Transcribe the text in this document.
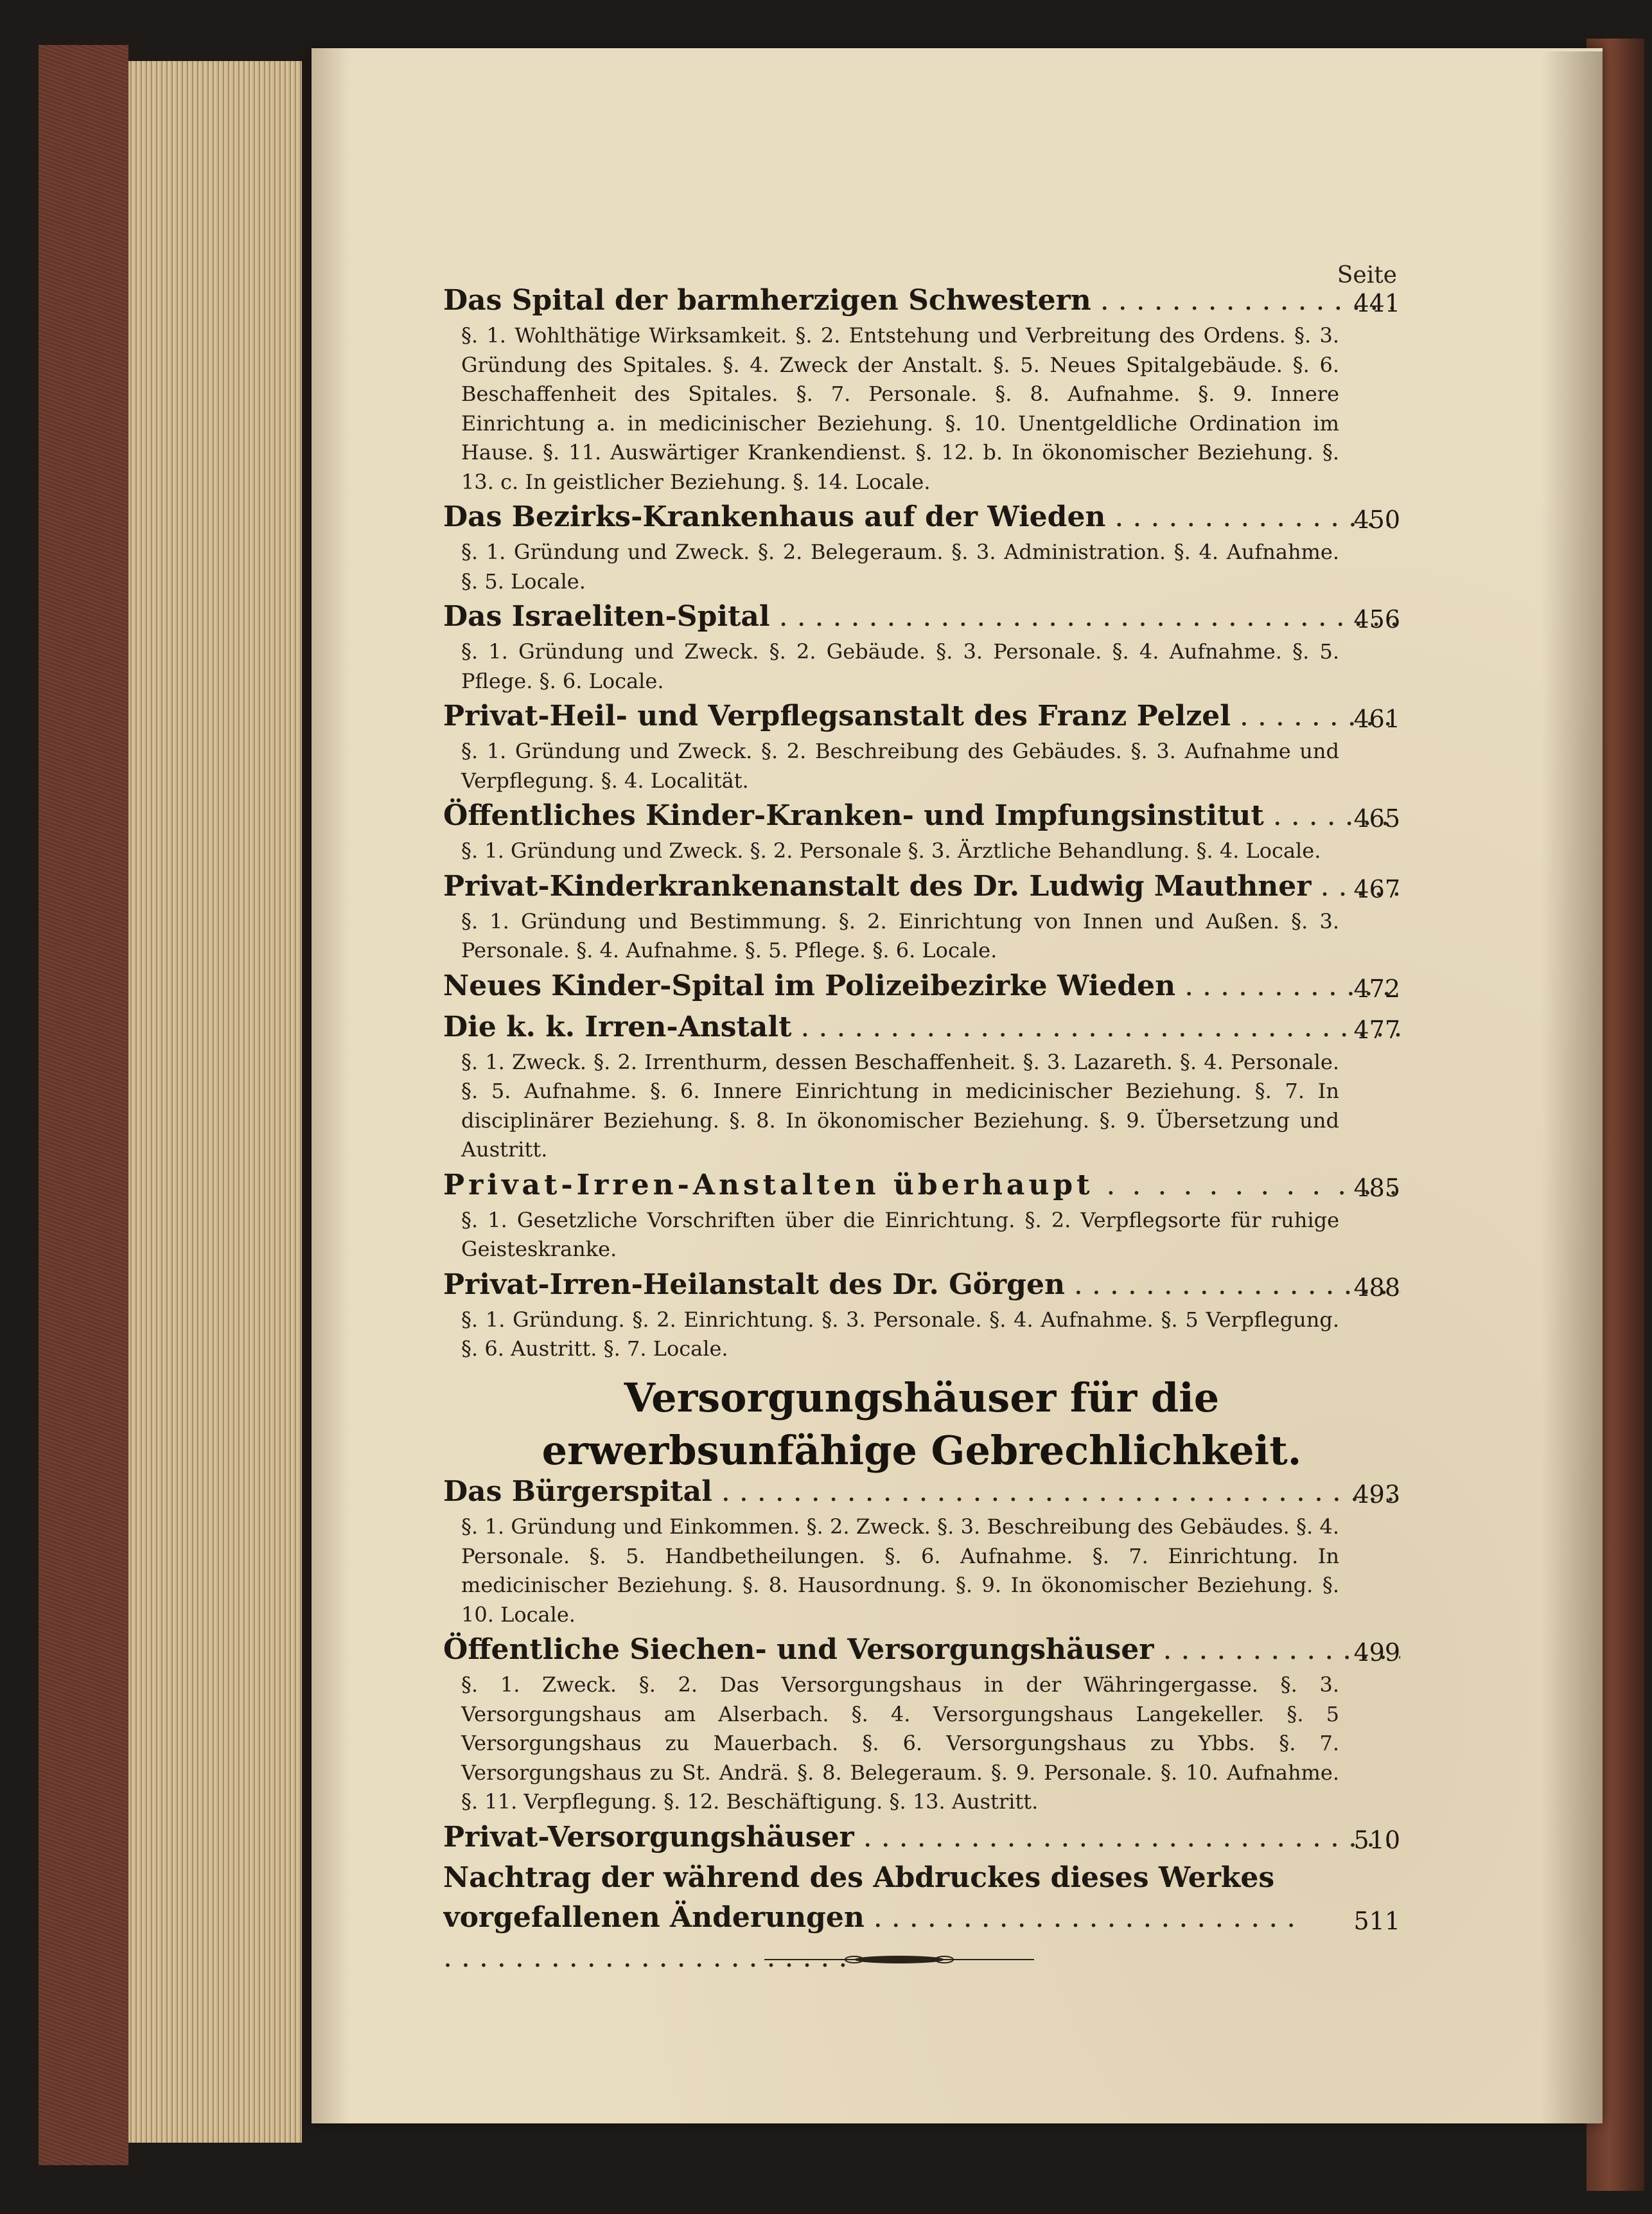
Seite
Das Spital der barmherzigen Schwestern . . .	441
§. 1. Wohlthätige Wirksamkeit. §. 2. Entstehung und Verbreitung des Ordens. §. 3. Gründung des Spitales. §. 4. Zweck der Anstalt. §. 5. Neues Spitalgebäude. §. 6. Beschaffenheit des Spitales. §. 7. Personale. §. 8. Aufnahme. §. 9. Innere Einrichtung a. in medicinischer Beziehung. §. 10. Unentgeldliche Ordination im Hause. §. 11. Auswärtiger Krankendienst. §. 12. b. In ökonomischer Beziehung. §. 13. c. In geistlicher Beziehung. §. 14. Locale.
Das Bezirks-Krankenhaus auf der Wieden . . .	450
§. 1. Gründung und Zweck. §. 2. Belegeraum. §. 3. Administration. §. 4. Aufnahme. §. 5. Locale.
Das Israeliten-Spital . . .	456
§. 1. Gründung und Zweck. §. 2. Gebäude. §. 3. Personale. §. 4. Aufnahme. §. 5. Pflege. §. 6. Locale.
Privat-Heil- und Verpflegsanstalt des Franz Pelzel . . .	461
§. 1. Gründung und Zweck. §. 2. Beschreibung des Gebäudes. §. 3. Aufnahme und Verpflegung. §. 4. Localität.
Öffentliches Kinder-Kranken- und Impfungsinstitut . . .	465
§. 1. Gründung und Zweck. §. 2. Personale §. 3. Ärztliche Behandlung. §. 4. Locale.
Privat-Kinderkrankenanstalt des Dr. Ludwig Mauthner . . .	467
§. 1. Gründung und Bestimmung. §. 2. Einrichtung von Innen und Außen. §. 3. Personale. §. 4. Aufnahme. §. 5. Pflege. §. 6. Locale.
Neues Kinder-Spital im Polizeibezirke Wieden . . .	472
Die k. k. Irren-Anstalt . . .	477
§. 1. Zweck. §. 2. Irrenthurm, dessen Beschaffenheit. §. 3. Lazareth. §. 4. Personale. §. 5. Aufnahme. §. 6. Innere Einrichtung in medicinischer Beziehung. §. 7. In disciplinärer Beziehung. §. 8. In ökonomischer Beziehung. §. 9. Übersetzung und Austritt.
Privat-Irren-Anstalten überhaupt . . .	485
§. 1. Gesetzliche Vorschriften über die Einrichtung. §. 2. Verpflegsorte für ruhige Geisteskranke.
Privat-Irren-Heilanstalt des Dr. Görgen . . .	488
§. 1. Gründung. §. 2. Einrichtung. §. 3. Personale. §. 4. Aufnahme. §. 5 Verpflegung. §. 6. Austritt. §. 7. Locale.
Versorgungshäuser für die erwerbsunfähige Gebrechlichkeit.
Das Bürgerspital . . .	493
§. 1. Gründung und Einkommen. §. 2. Zweck. §. 3. Beschreibung des Gebäudes. §. 4. Personale. §. 5. Handbetheilungen. §. 6. Aufnahme. §. 7. Einrichtung. In medicinischer Beziehung. §. 8. Hausordnung. §. 9. In ökonomischer Beziehung. §. 10. Locale.
Öffentliche Siechen- und Versorgungshäuser . . .	499
§. 1. Zweck. §. 2. Das Versorgungshaus in der Währingergasse. §. 3. Versorgungshaus am Alserbach. §. 4. Versorgungshaus Langekeller. §. 5 Versorgungshaus zu Mauerbach. §. 6. Versorgungshaus zu Ybbs. §. 7. Versorgungshaus zu St. Andrä. §. 8. Belegeraum. §. 9. Personale. §. 10. Aufnahme. §. 11. Verpflegung. §. 12. Beschäftigung. §. 13. Austritt.
Privat-Versorgungshäuser . . .	510
Nachtrag der während des Abdruckes dieses Werkes vorgefallenen Änderungen . . .	511
